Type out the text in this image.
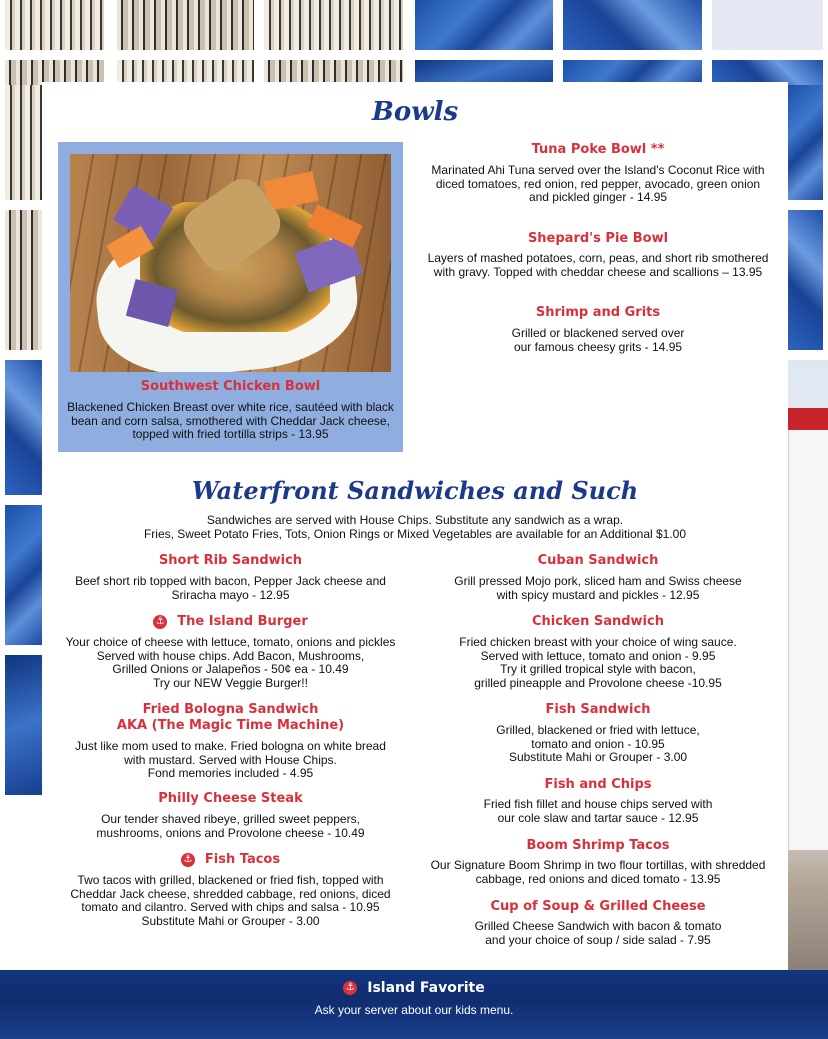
Bowls
Southwest Chicken Bowl
Blackened Chicken Breast over white rice, sautéed with black
bean and corn salsa, smothered with Cheddar Jack cheese,
topped with fried tortilla strips - 13.95
Tuna Poke Bowl **
Marinated Ahi Tuna served over the Island's Coconut Rice with
diced tomatoes, red onion, red pepper, avocado, green onion
and pickled ginger - 14.95
Shepard's Pie Bowl
Layers of mashed potatoes, corn, peas, and short rib smothered
with gravy. Topped with cheddar cheese and scallions – 13.95
Shrimp and Grits
Grilled or blackened served over
our famous cheesy grits - 14.95
Waterfront Sandwiches and Such
Sandwiches are served with House Chips. Substitute any sandwich as a wrap.
Fries, Sweet Potato Fries, Tots, Onion Rings or Mixed Vegetables are available for an Additional $1.00
Short Rib Sandwich
Beef short rib topped with bacon, Pepper Jack cheese and
Sriracha mayo - 12.95
⚓ The Island Burger
Your choice of cheese with lettuce, tomato, onions and pickles
Served with house chips. Add Bacon, Mushrooms,
Grilled Onions or Jalapeños - 50¢ ea - 10.49
Try our NEW Veggie Burger!!
Fried Bologna Sandwich
AKA (The Magic Time Machine)
Just like mom used to make. Fried bologna on white bread
with mustard. Served with House Chips.
Fond memories included - 4.95
Philly Cheese Steak
Our tender shaved ribeye, grilled sweet peppers,
mushrooms, onions and Provolone cheese - 10.49
⚓ Fish Tacos
Two tacos with grilled, blackened or fried fish, topped with
Cheddar Jack cheese, shredded cabbage, red onions, diced
tomato and cilantro. Served with chips and salsa - 10.95
Substitute Mahi or Grouper - 3.00
Cuban Sandwich
Grill pressed Mojo pork, sliced ham and Swiss cheese
with spicy mustard and pickles - 12.95
Chicken Sandwich
Fried chicken breast with your choice of wing sauce.
Served with lettuce, tomato and onion - 9.95
Try it grilled tropical style with bacon,
grilled pineapple and Provolone cheese -10.95
Fish Sandwich
Grilled, blackened or fried with lettuce,
tomato and onion - 10.95
Substitute Mahi or Grouper - 3.00
Fish and Chips
Fried fish fillet and house chips served with
our cole slaw and tartar sauce - 12.95
Boom Shrimp Tacos
Our Signature Boom Shrimp in two flour tortillas, with shredded
cabbage, red onions and diced tomato - 13.95
Cup of Soup & Grilled Cheese
Grilled Cheese Sandwich with bacon & tomato
and your choice of soup / side salad - 7.95
⚓ Island Favorite
Ask your server about our kids menu.
